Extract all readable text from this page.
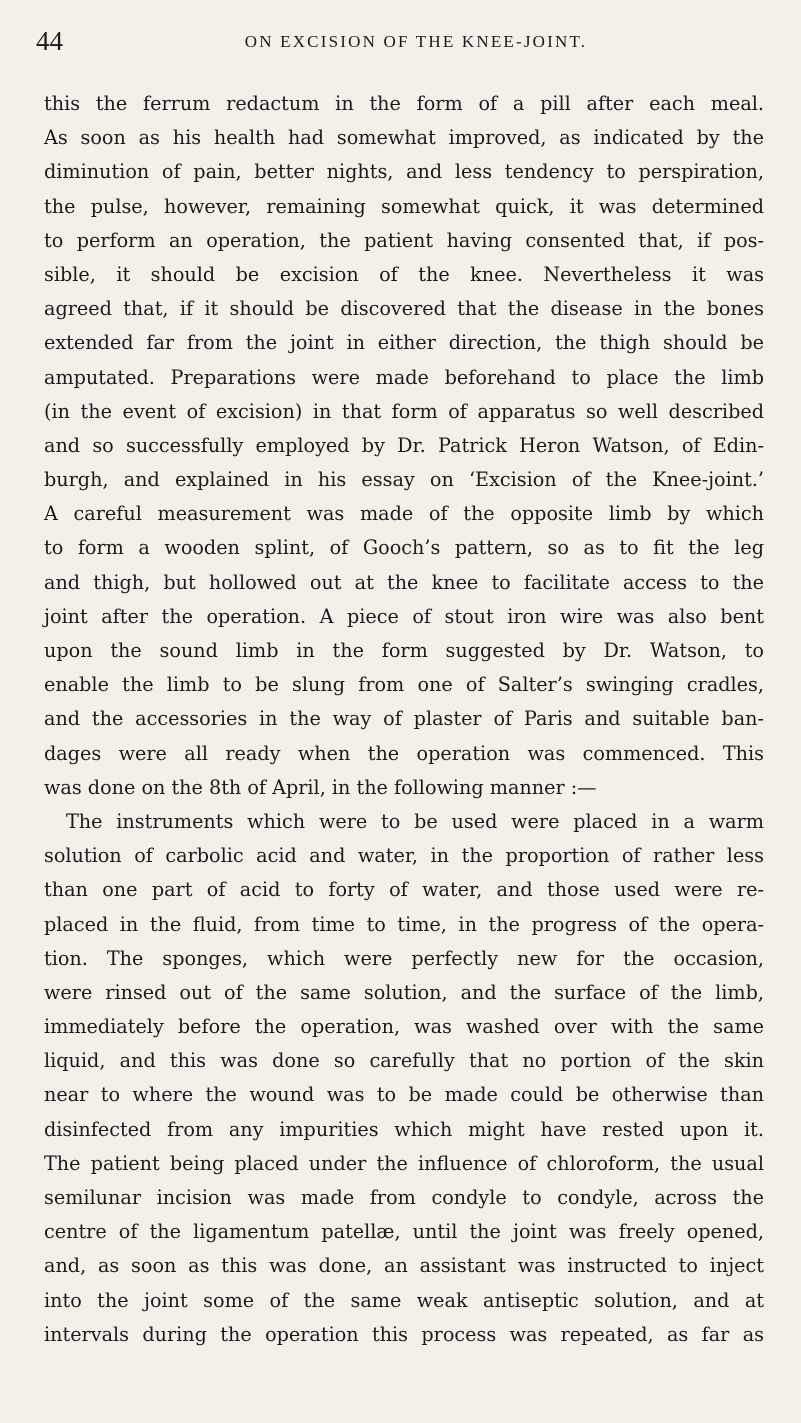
44	ON EXCISION OF THE KNEE-JOINT.
this the ferrum redactum in the form of a pill after each meal.
As soon as his health had somewhat improved, as indicated by the
diminution of pain, better nights, and less tendency to perspiration,
the pulse, however, remaining somewhat quick, it was determined
to perform an operation, the patient having consented that, if pos-
sible, it should be excision of the knee. Nevertheless it was
agreed that, if it should be discovered that the disease in the bones
extended far from the joint in either direction, the thigh should be
amputated. Preparations were made beforehand to place the limb
(in the event of excision) in that form of apparatus so well described
and so successfully employed by Dr. Patrick Heron Watson, of Edin-
burgh, and explained in his essay on ‘Excision of the Knee-joint.’
A careful measurement was made of the opposite limb by which
to form a wooden splint, of Gooch’s pattern, so as to fit the leg
and thigh, but hollowed out at the knee to facilitate access to the
joint after the operation. A piece of stout iron wire was also bent
upon the sound limb in the form suggested by Dr. Watson, to
enable the limb to be slung from one of Salter’s swinging cradles,
and the accessories in the way of plaster of Paris and suitable ban-
dages were all ready when the operation was commenced. This
was done on the 8th of April, in the following manner :—
The instruments which were to be used were placed in a warm
solution of carbolic acid and water, in the proportion of rather less
than one part of acid to forty of water, and those used were re-
placed in the fluid, from time to time, in the progress of the opera-
tion. The sponges, which were perfectly new for the occasion,
were rinsed out of the same solution, and the surface of the limb,
immediately before the operation, was washed over with the same
liquid, and this was done so carefully that no portion of the skin
near to where the wound was to be made could be otherwise than
disinfected from any impurities which might have rested upon it.
The patient being placed under the influence of chloroform, the usual
semilunar incision was made from condyle to condyle, across the
centre of the ligamentum patellæ, until the joint was freely opened,
and, as soon as this was done, an assistant was instructed to inject
into the joint some of the same weak antiseptic solution, and at
intervals during the operation this process was repeated, as far as
